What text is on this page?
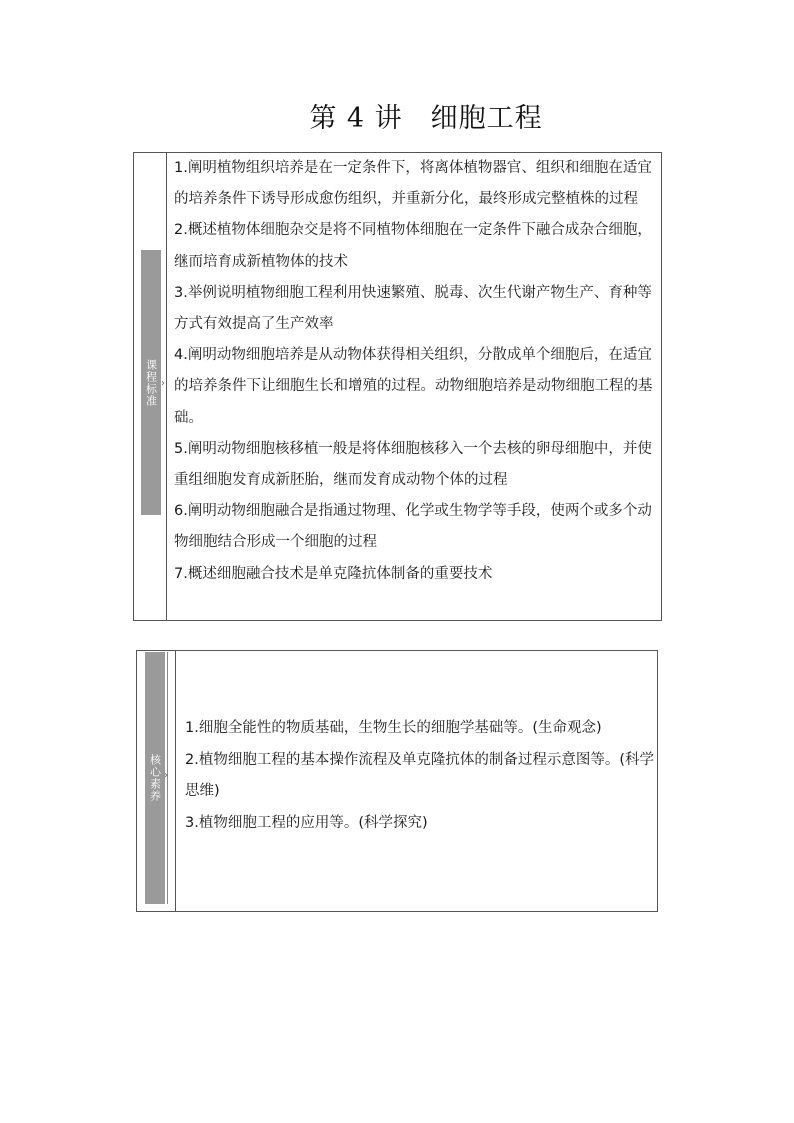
第 4 讲　细胞工程
课程标准 ›

1.阐明植物组织培养是在一定条件下，将离体植物器官、组织和细胞在适宜的培养条件下诱导形成愈伤组织，并重新分化，最终形成完整植株的过程

2.概述植物体细胞杂交是将不同植物体细胞在一定条件下融合成杂合细胞，继而培育成新植物体的技术

3.举例说明植物细胞工程利用快速繁殖、脱毒、次生代谢产物生产、育种等方式有效提高了生产效率

4.阐明动物细胞培养是从动物体获得相关组织，分散成单个细胞后，在适宜的培养条件下让细胞生长和增殖的过程。动物细胞培养是动物细胞工程的基础。

5.阐明动物细胞核移植一般是将体细胞核移入一个去核的卵母细胞中，并使重组细胞发育成新胚胎，继而发育成动物个体的过程

6.阐明动物细胞融合是指通过物理、化学或生物学等手段，使两个或多个动物细胞结合形成一个细胞的过程

7.概述细胞融合技术是单克隆抗体制备的重要技术

核心素养 ›

1.细胞全能性的物质基础，生物生长的细胞学基础等。(生命观念)

2.植物细胞工程的基本操作流程及单克隆抗体的制备过程示意图等。(科学思维)

3.植物细胞工程的应用等。(科学探究)
